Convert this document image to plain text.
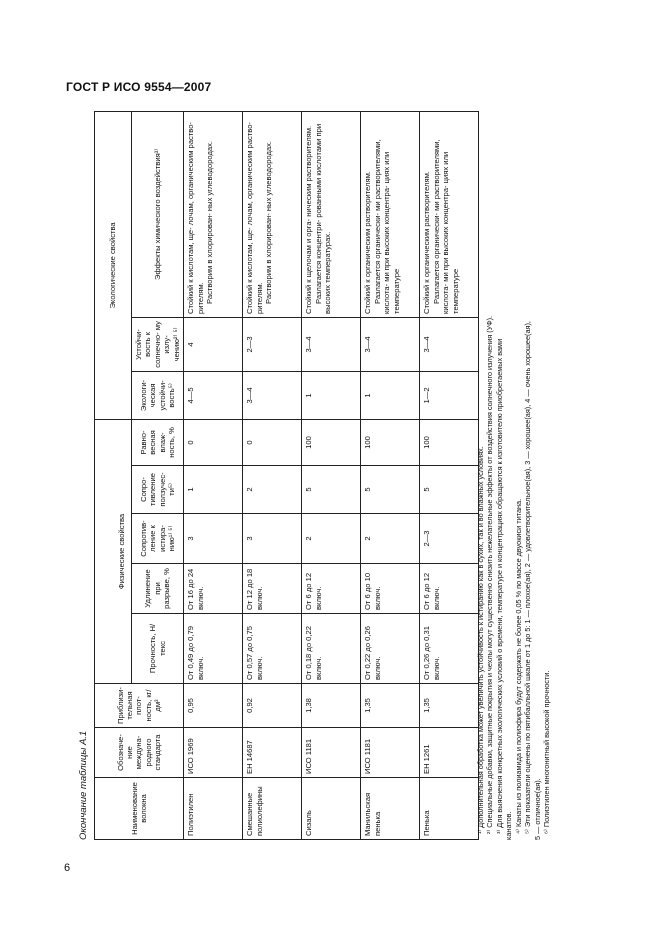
ГОСТ Р ИСО 9554—2007
Окончание таблицы А.1	Наименование волокна	Обозначе- ние междуна- родного стандарта	Приблизи- тельная плот- ность, кг/дм³						Экологические свойства		
			Физические свойства							
			Прочность, Н/текс	Удлинение при разрыве, %	Сопротив- ление к истира- нию¹⁾ ⁵⁾	Сопро- тивление ползучес- ти⁵⁾	Равно- весная влаж- ность, %	Экологи- ческая устойчи- вость⁵⁾	Устойчи- вость к солнечно- му излу- чению²⁾ ⁵⁾	Эффекты химического воздействия³⁾
Полиэтилен	ИСО 1969	0,95	От 0,49 до 0,79 включ.	От 16 до 24 включ.	3	1	0	4—5	4	Стойкий к кислотам, ще- лочам, органическим раство- рителям. Растворим в хлорирован- ных углеводородах.

Смешанные полиолефины	ЕН 14687	0,92	От 0,57 до 0,75 включ.	От 12 до 18 включ.	3	2	0	3—4	2—3	Стойкий к кислотам, ще- лочам, органическим раство- рителям. Растворим в хлорирован- ных углеводородах.

Сизаль	ИСО 1181	1,38	От 0,18 до 0,22 включ.	От 6 до 12 включ.	2	5	100	1	3—4	Стойкий к щелочам и орга- ническим растворителям. Разлагается концентри- рованными кислотами при высоких температурах.

Манильская пенька	ИСО 1181	1,35	От 0,22 до 0,26 включ.	От 6 до 10 включ.	2	5	100	1	3—4	Стойкий к органическим растворителям. Разлагается органически- ми растворителями, кислота- ми при высоких концентра- циях или температуре

Пенька	ЕН 1261	1,35	От 0,26 до 0,31 включ.	От 6 до 12 включ.	2—3	5	100	1—2	3—4	Стойкий к органическим растворителям. Разлагается органически- ми растворителями, кислота- ми при высоких концентра- циях или температуре
¹⁾ Дополнительная обработка может увеличить устойчивость к истиранию как в сухих, так и во влажных условиях. ²⁾ Специальные добавки, защитные покрытия и чехлы могут существенно снизить нежелательные эффекты от воздействия солнечного излучения (УФ). ³⁾ Для выяснения конкретных экологических условий о времени, температуре и концентрациях обращаются к изготовителю приобретаемых вами канатов. ⁴⁾ Канаты из полиамида и полиэфира будут содержать не более 0,05 % по массе двуокиси титана. ⁵⁾ Эти показатели оценены по пятибалльной шкале от 1 до 5: 1 — плохое(ая), 2 — удовлетворительное(ая), 3 — хорошее(ая), 4 — очень хорошее(ая), 5 — отличное(ая). ⁶⁾ Полиэтилен многонитный высокой прочности.
6
